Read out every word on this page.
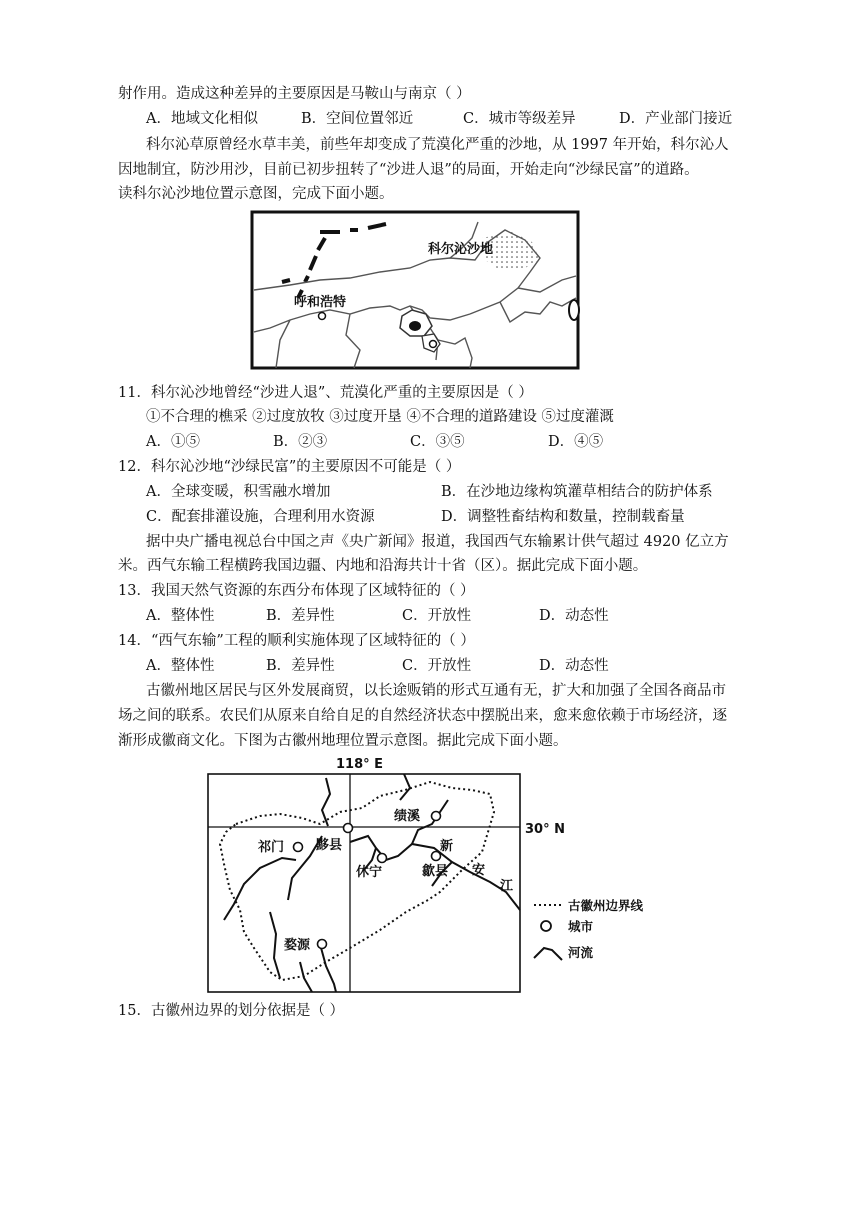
射作用。造成这种差异的主要原因是马鞍山与南京（ ）
A．地域文化相似	B．空间位置邻近	C．城市等级差异	D．产业部门接近
科尔沁草原曾经水草丰美，前些年却变成了荒漠化严重的沙地，从 1997 年开始，科尔沁人
因地制宜，防沙用沙，目前已初步扭转了“沙进人退”的局面，开始走向“沙绿民富”的道路。
读科尔沁沙地位置示意图，完成下面小题。
呼和浩特
科尔沁沙地
11．科尔沁沙地曾经“沙进人退”、荒漠化严重的主要原因是（ ）
①不合理的樵采 ②过度放牧 ③过度开垦 ④不合理的道路建设 ⑤过度灌溉
A．①⑤	B．②③	C．③⑤	D．④⑤
12．科尔沁沙地“沙绿民富”的主要原因不可能是（ ）
A．全球变暖，积雪融水增加	B．在沙地边缘构筑灌草相结合的防护体系
C．配套排灌设施，合理利用水资源	D．调整牲畜结构和数量，控制载畜量
据中央广播电视总台中国之声《央广新闻》报道，我国西气东输累计供气超过 4920 亿立方
米。西气东输工程横跨我国边疆、内地和沿海共计十省（区）。据此完成下面小题。
13．我国天然气资源的东西分布体现了区域特征的（ ）
A．整体性	B．差异性	C．开放性	D．动态性
14．“西气东输”工程的顺利实施体现了区域特征的（ ）
A．整体性	B．差异性	C．开放性	D．动态性
古徽州地区居民与区外发展商贸，以长途贩销的形式互通有无，扩大和加强了全国各商品市
场之间的联系。农民们从原来自给自足的自然经济状态中摆脱出来，愈来愈依赖于市场经济，逐
渐形成徽商文化。下图为古徽州地理位置示意图。据此完成下面小题。
118° E
30° N
绩溪
祁门 黟县
休宁	歙县
婺源
新
安
江
古徽州边界线
城市
河流
15．古徽州边界的划分依据是（ ）
